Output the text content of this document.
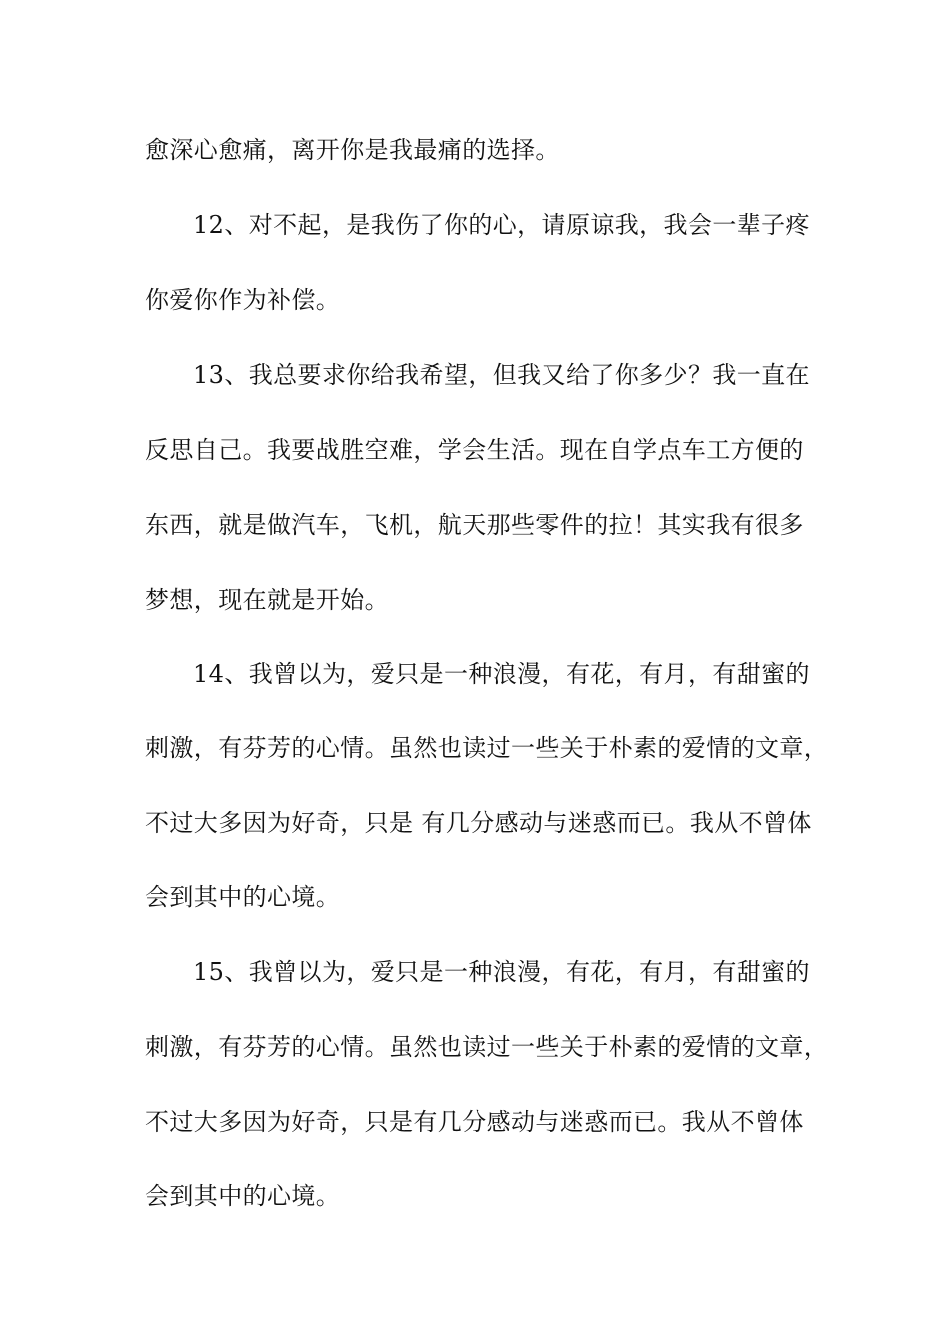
愈深心愈痛，离开你是我最痛的选择。
12、对不起，是我伤了你的心，请原谅我，我会一辈子疼
你爱你作为补偿。
13、我总要求你给我希望，但我又给了你多少？我一直在
反思自己。我要战胜空难，学会生活。现在自学点车工方便的
东西，就是做汽车，飞机，航天那些零件的拉！其实我有很多
梦想，现在就是开始。
14、我曾以为，爱只是一种浪漫，有花，有月，有甜蜜的
刺激，有芬芳的心情。虽然也读过一些关于朴素的爱情的文章，
不过大多因为好奇，只是 有几分感动与迷惑而已。我从不曾体
会到其中的心境。
15、我曾以为，爱只是一种浪漫，有花，有月，有甜蜜的
刺激，有芬芳的心情。虽然也读过一些关于朴素的爱情的文章，
不过大多因为好奇，只是有几分感动与迷惑而已。我从不曾体
会到其中的心境。
